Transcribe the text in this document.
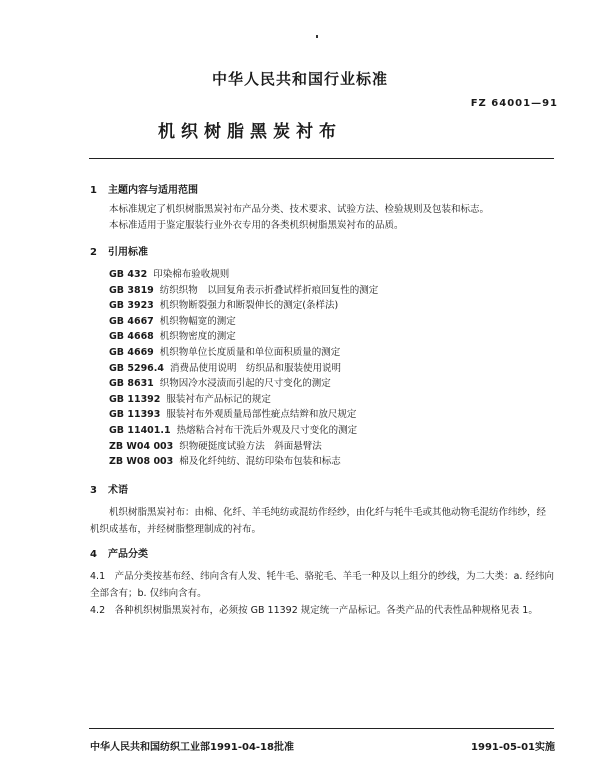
中华人民共和国行业标准
FZ 64001—91
机织树脂黑炭衬布
1 主题内容与适用范围
本标准规定了机织树脂黑炭衬布产品分类、技术要求、试验方法、检验规则及包装和标志。
本标准适用于鉴定服装行业外衣专用的各类机织树脂黑炭衬布的品质。
2 引用标准
GB 432 印染棉布验收规则
GB 3819 纺织织物　以回复角表示折叠试样折痕回复性的测定
GB 3923 机织物断裂强力和断裂伸长的测定(条样法)
GB 4667 机织物幅宽的测定
GB 4668 机织物密度的测定
GB 4669 机织物单位长度质量和单位面积质量的测定
GB 5296.4 消费品使用说明　纺织品和服装使用说明
GB 8631 织物因冷水浸渍而引起的尺寸变化的测定
GB 11392 服装衬布产品标记的规定
GB 11393 服装衬布外观质量局部性疵点结辫和放尺规定
GB 11401.1 热熔粘合衬布干洗后外观及尺寸变化的测定
ZB W04 003 织物硬挺度试验方法　斜面悬臂法
ZB W08 003 棉及化纤纯纺、混纺印染布包装和标志
3 术语
机织树脂黑炭衬布：由棉、化纤、羊毛纯纺或混纺作经纱，由化纤与牦牛毛或其他动物毛混纺作纬纱，经机织成基布，并经树脂整理制成的衬布。
4 产品分类
4.1　产品分类按基布经、纬向含有人发、牦牛毛、骆驼毛、羊毛一种及以上组分的纱线，为二大类：a. 经纬向全部含有；b. 仅纬向含有。
4.2　各种机织树脂黑炭衬布，必须按 GB 11392 规定统一产品标记。各类产品的代表性品种规格见表 1。
中华人民共和国纺织工业部1991-04-18批准	1991-05-01实施
